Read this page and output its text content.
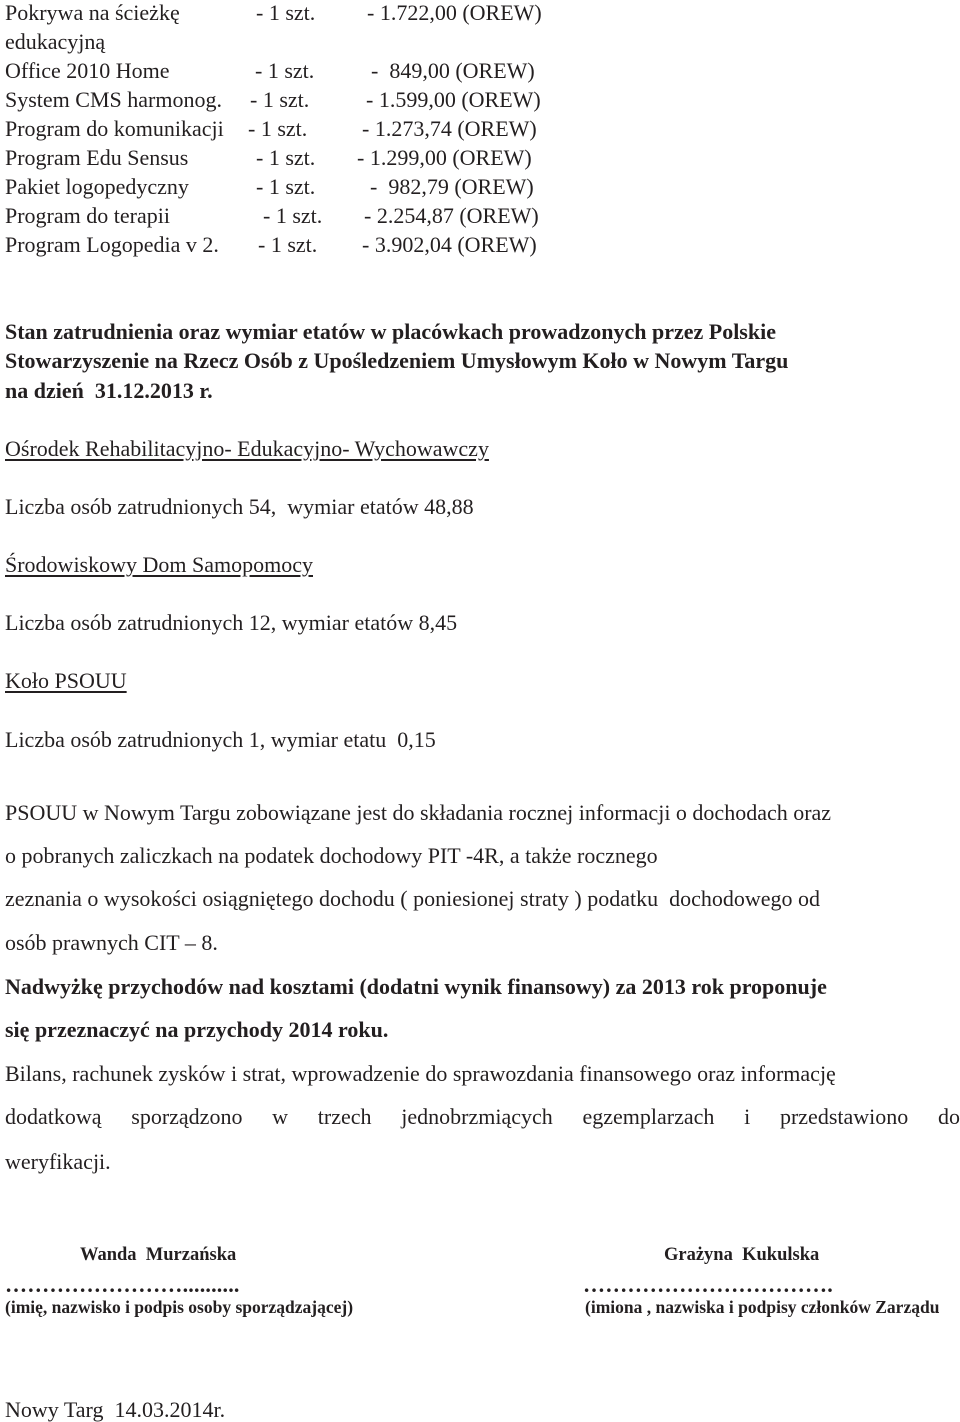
Pokrywa na ścieżkę	- 1 szt. - 1.722,00 (OREW)
edukacyjną
Office 2010 Home	- 1 szt.	-  849,00 (OREW)
System CMS harmonog. - 1 szt.	- 1.599,00 (OREW)
Program do komunikacji - 1 szt. - 1.273,74 (OREW)
Program Edu Sensus	- 1 szt. - 1.299,00 (OREW)
Pakiet logopedyczny	- 1 szt. -  982,79 (OREW)
Program do terapii	- 1 szt. - 2.254,87 (OREW)
Program Logopedia v 2. - 1 szt. - 3.902,04 (OREW)
Stan zatrudnienia oraz wymiar etatów w placówkach prowadzonych przez Polskie
Stowarzyszenie na Rzecz Osób z Upośledzeniem Umysłowym Koło w Nowym Targu
na dzień  31.12.2013 r.
Ośrodek Rehabilitacyjno- Edukacyjno- Wychowawczy
Liczba osób zatrudnionych 54,  wymiar etatów 48,88
Środowiskowy Dom Samopomocy
Liczba osób zatrudnionych 12, wymiar etatów 8,45
Koło PSOUU
Liczba osób zatrudnionych 1, wymiar etatu  0,15
PSOUU w Nowym Targu zobowiązane jest do składania rocznej informacji o dochodach oraz
o pobranych zaliczkach na podatek dochodowy PIT -4R, a także rocznego
zeznania o wysokości osiągniętego dochodu ( poniesionej straty ) podatku  dochodowego od
osób prawnych CIT – 8.
Nadwyżkę przychodów nad kosztami (dodatni wynik finansowy) za 2013 rok proponuje
się przeznaczyć na przychody 2014 roku.
Bilans, rachunek zysków i strat, wprowadzenie do sprawozdania finansowego oraz informację
dodatkową sporządzono w trzech jednobrzmiących egzemplarzach i przedstawiono do
weryfikacji.
Wanda  Murzańska
……………………..........
(imię, nazwisko i podpis osoby sporządzającej)
Grażyna  Kukulska
…………………………….
(imiona , nazwiska i podpisy członków Zarządu
Nowy Targ  14.03.2014r.
